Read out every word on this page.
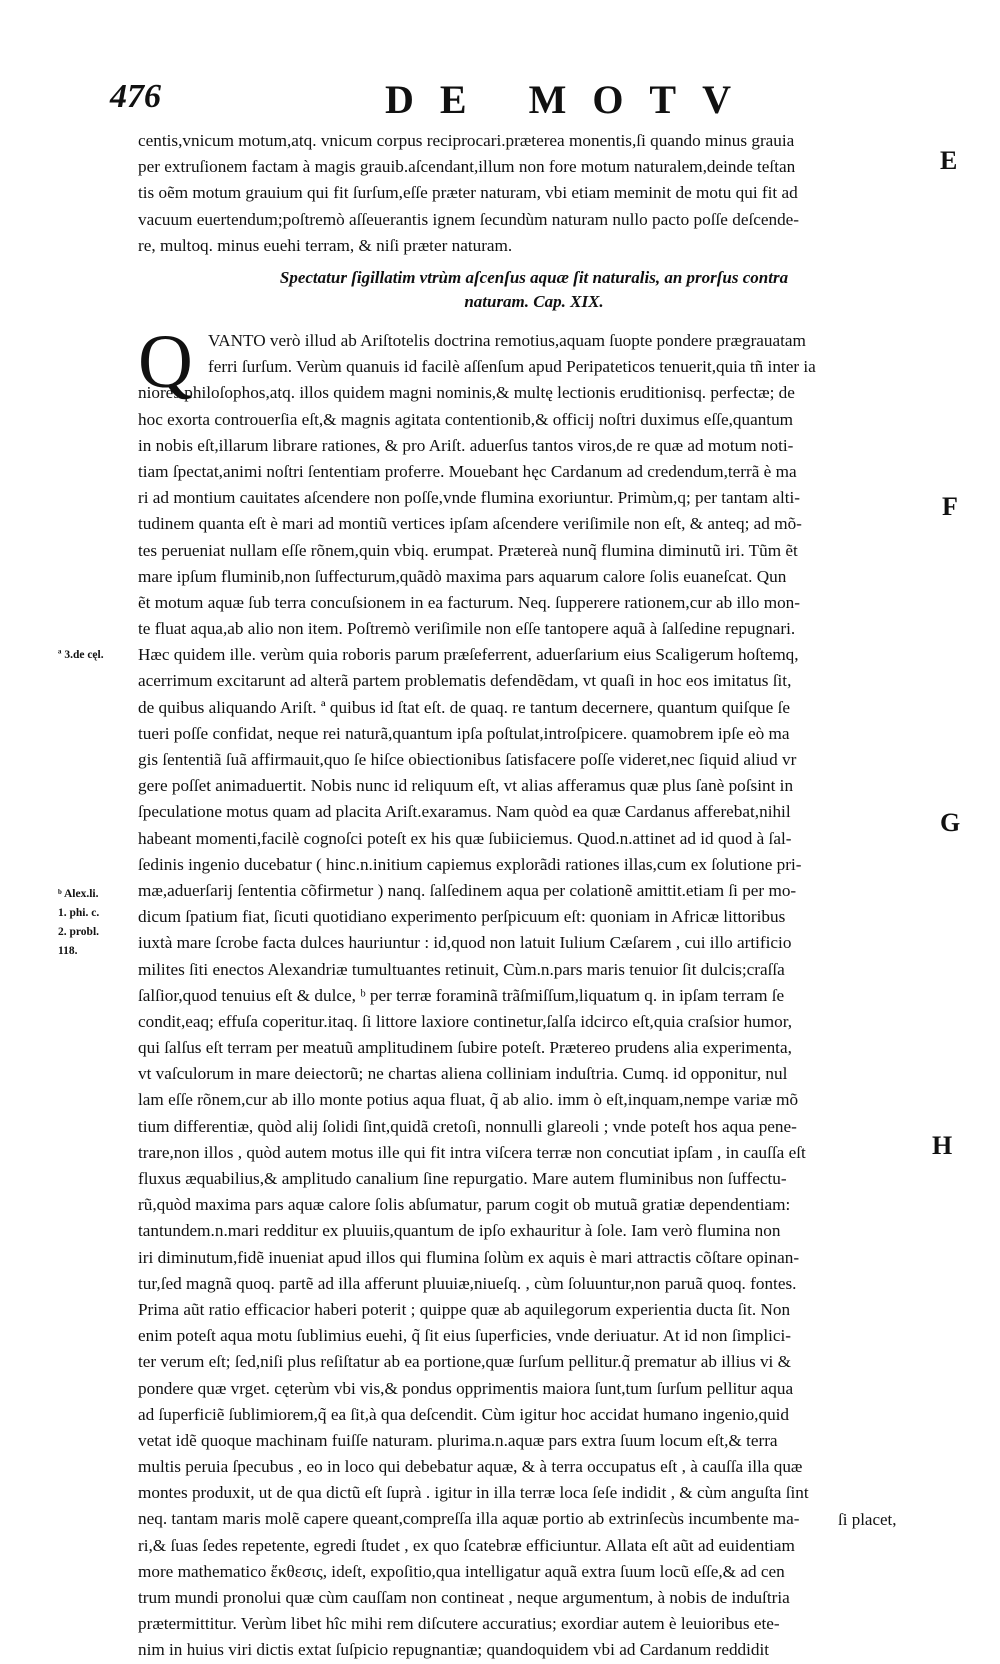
476	DE MOTV
E
F
G
H
ª 3.de cęl.
ᵇ Alex.li.
1. phi. c.
2. probl.
118.
centis,vnicum motum,atq. vnicum corpus reciprocari.præterea monentis,ſi quando minus grauia
per extruſionem factam à magis grauib.aſcendant,illum non fore motum naturalem,deinde teſtan
tis oẽm motum grauium qui fit ſurſum,eſſe præter naturam, vbi etiam meminit de motu qui fit ad
vacuum euertendum;poſtremò aſſeuerantis ignem ſecundùm naturam nullo pacto poſſe deſcende-
re, multoq. minus euehi terram, & niſi præter naturam.
Spectatur ſigillatim vtrùm aſcenſus aquæ ſit naturalis, an prorſus contra
naturam. Cap. XIX.
Q VANTO verò illud ab Ariſtotelis doctrina remotius,aquam ſuopte pondere prægrauatam
ferri ſurſum. Verùm quanuis id facilè aſſenſum apud Peripateticos tenuerit,quia tñ inter ia
niores philoſophos,atq. illos quidem magni nominis,& multę lectionis eruditionisq. perfectæ; de
hoc exorta controuerſia eſt,& magnis agitata contentionib,& officij noſtri duximus eſſe,quantum
in nobis eſt,illarum librare rationes, & pro Ariſt. aduerſus tantos viros,de re quæ ad motum noti-
tiam ſpectat,animi noſtri ſententiam proferre. Mouebant hęc Cardanum ad credendum,terrã è ma
ri ad montium cauitates aſcendere non poſſe,vnde flumina exoriuntur. Primùm,q; per tantam alti-
tudinem quanta eſt è mari ad montiũ vertices ipſam aſcendere veriſimile non eſt, & anteq; ad mõ-
tes perueniat nullam eſſe rõnem,quin vbiq. erumpat. Prætereà nunq̃ flumina diminutũ iri. Tũm ẽt
mare ipſum fluminib,non ſuffecturum,quãdò maxima pars aquarum calore ſolis euaneſcat. Qun
ẽt motum aquæ ſub terra concuſsionem in ea facturum. Neq. ſupperere rationem,cur ab illo mon-
te fluat aqua,ab alio non item. Poſtremò veriſimile non eſſe tantopere aquã à ſalſedine repugnari.
Hæc quidem ille. verùm quia roboris parum præſeferrent, aduerſarium eius Scaligerum hoſtemq,
acerrimum excitarunt ad alterã partem problematis defendẽdam, vt quaſi in hoc eos imitatus ſit,
de quibus aliquando Ariſt. ª quibus id ſtat eſt. de quaq. re tantum decernere, quantum quiſque ſe
tueri poſſe confidat, neque rei naturã,quantum ipſa poſtulat,introſpicere. quamobrem ipſe eò ma
gis ſententiã ſuã affirmauit,quo ſe hiſce obiectionibus ſatisfacere poſſe videret,nec ſiquid aliud vr
gere poſſet animaduertit. Nobis nunc id reliquum eſt, vt alias afferamus quæ plus ſanè poſsint in
ſpeculatione motus quam ad placita Ariſt.exaramus. Nam quòd ea quæ Cardanus afferebat,nihil
habeant momenti,facilè cognoſci poteſt ex his quæ ſubiiciemus. Quod.n.attinet ad id quod à ſal-
ſedinis ingenio ducebatur ( hinc.n.initium capiemus explorãdi rationes illas,cum ex ſolutione pri-
mæ,aduerſarij ſententia cõfirmetur ) nanq. ſalſedinem aqua per colationẽ amittit.etiam ſi per mo-
dicum ſpatium fiat, ſicuti quotidiano experimento perſpicuum eſt: quoniam in Africæ littoribus
iuxtà mare ſcrobe facta dulces hauriuntur : id,quod non latuit Iulium Cæſarem , cui illo artificio
milites ſiti enectos Alexandriæ tumultuantes retinuit, Cùm.n.pars maris tenuior ſit dulcis;craſſa
ſalſior,quod tenuius eſt & dulce, ᵇ per terræ foraminã trãſmiſſum,liquatum q. in ipſam terram ſe
condit,eaq; effuſa coperitur.itaq. ſi littore laxiore continetur,ſalſa idcirco eſt,quia craſsior humor,
qui ſalſus eſt terram per meatuũ amplitudinem ſubire poteſt. Prætereo prudens alia experimenta,
vt vaſculorum in mare deiectorũ; ne chartas aliena colliniam induſtria. Cumq. id opponitur, nul
lam eſſe rõnem,cur ab illo monte potius aqua fluat, q̃ ab alio. imm ò eſt,inquam,nempe variæ mõ
tium differentiæ, quòd alij ſolidi ſint,quidã cretoſi, nonnulli glareoli ; vnde potеſt hos aqua pene-
trare,non illos , quòd autem motus ille qui fit intra viſcera terræ non concutiat ipſam , in cauſſa eſt
fluxus æquabilius,& amplitudo canalium ſine repurgatio. Mare autem fluminibus non ſuffectu-
rũ,quòd maxima pars aquæ calore ſolis abſumatur, parum cogit ob mutuã gratiæ dependentiam:
tantundem.n.mari redditur ex pluuiis,quantum de ipſo exhauritur à ſole. Iam verò flumina non
iri diminutum,fidẽ inueniat apud illos qui flumina ſolùm ex aquis è mari attractis cõſtare opinan-
tur,ſed magnã quoq. partẽ ad illa afferunt pluuiæ,niueſq. , cùm ſoluuntur,non paruã quoq. fontes.
Prima aũt ratio efficacior haberi poterit ; quippe quæ ab aquilegorum experientia ducta ſit. Non
enim poteſt aqua motu ſublimius euehi, q̃ ſit eius ſuperficies, vnde deriuatur. At id non ſimplici-
ter verum eſt; ſed,niſi plus reſiſtatur ab ea portione,quæ ſurſum pellitur.q̃ prematur ab illius vi &
pondere quæ vrget. cęterùm vbi vis,& pondus opprimentis maiora ſunt,tum ſurſum pellitur aqua
ad ſuperficiẽ ſublimiorem,q̃ ea ſit,à qua deſcendit. Cùm igitur hoc accidat humano ingenio,quid
vetat idẽ quoque machinam fuiſſe naturam. plurima.n.aquæ pars extra ſuum locum eſt,& terra
multis peruia ſpecubus , eo in loco qui debebatur aquæ, & à terra occupatus eſt , à cauſſa illa quæ
montes produxit, ut de qua dictũ eſt ſuprà . igitur in illa terræ loca ſeſe indidit , & cùm anguſta ſint
neq. tantam maris molẽ capere queant,compreſſa illa aquæ portio ab extrinſecùs incumbente ma-
ri,& ſuas ſedes repetente, egredi ſtudet , ex quo ſcatebræ efficiuntur. Allata eſt aũt ad euidentiam
more mathematico ἔκθεσις, ideſt, expoſitio,qua intelligatur aquã extra ſuum locũ eſſe,& ad cen
trum mundi pronolui quæ cùm cauſſam non contineat , neque argumentum, à nobis de induſtria
prætermittitur. Verùm libet hîc mihi rem diſcutere accuratius; exordiar autem è leuioribus ete-
nim in huius viri dictis extat ſuſpicio repugnantiæ; quandoquidem vbi ad Cardanum reddidit
ſi placet,
